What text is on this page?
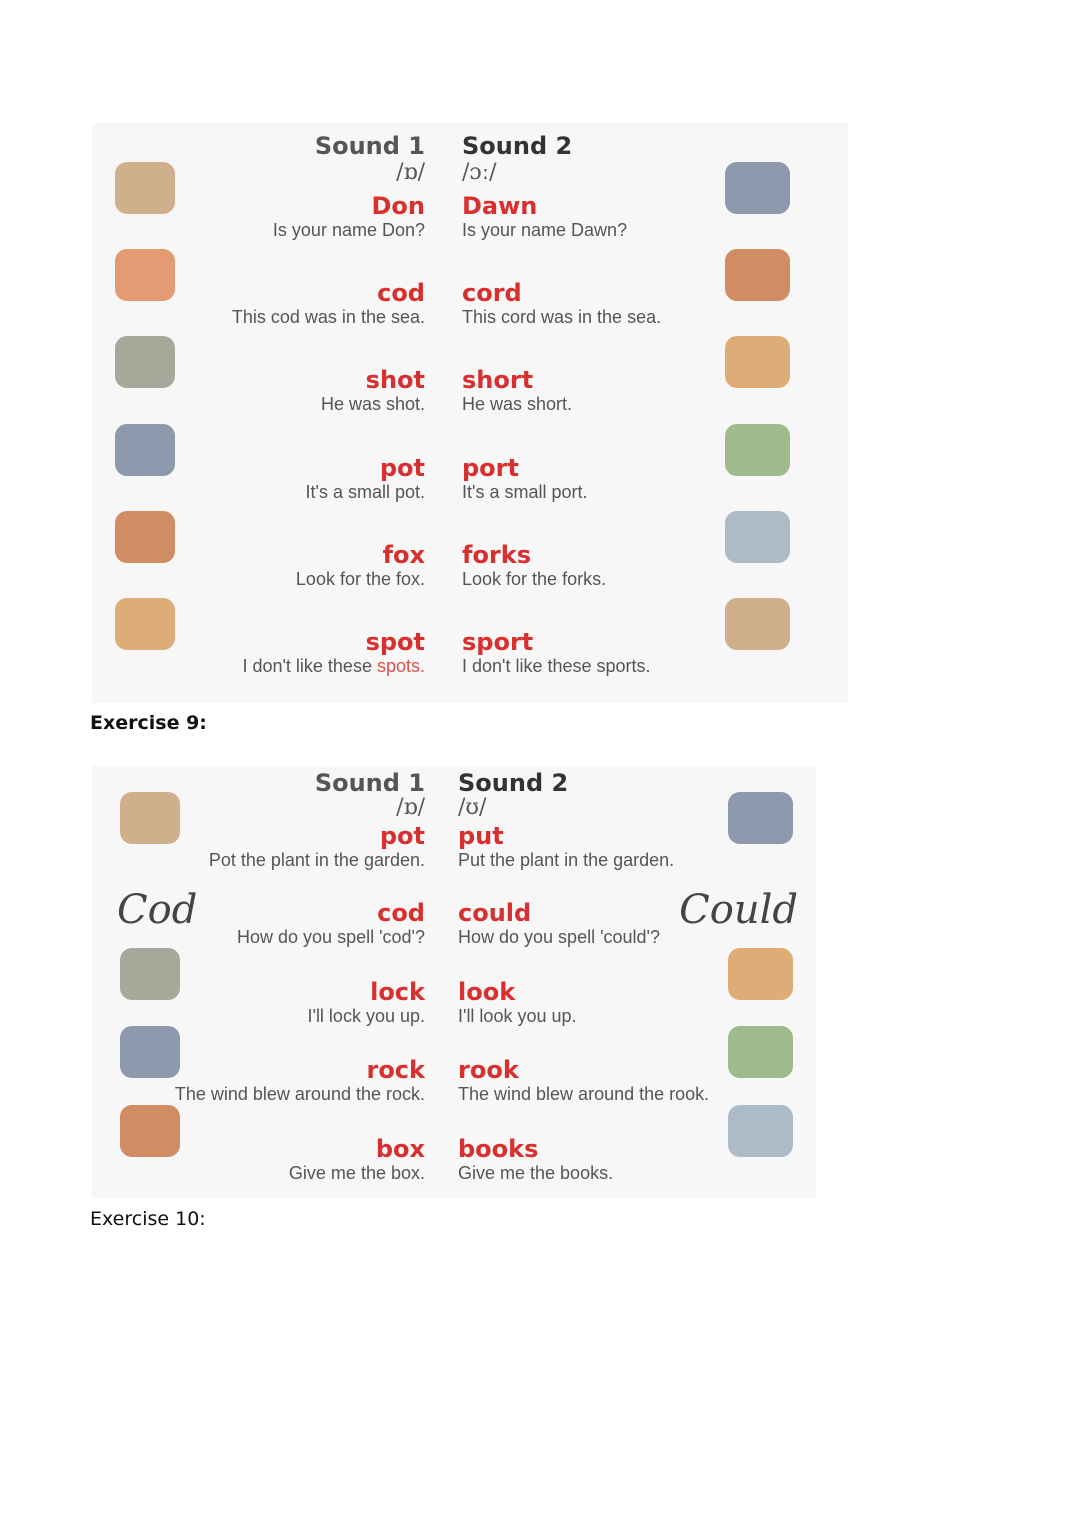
Sound 1 Sound 2
/ɒ/ /ɔː/
Don Dawn
Is your name Don? Is your name Dawn?
cod cord
This cod was in the sea. This cord was in the sea.
shot short
He was shot. He was short.
pot port
It's a small pot. It's a small port.
fox forks
Look for the fox. Look for the forks.
spot sport
I don't like these spots. I don't like these sports.
Exercise 9:
Sound 1 Sound 2
/ɒ/ /ʊ/
pot put
Pot the plant in the garden. Put the plant in the garden.
cod could
How do you spell 'cod'? How do you spell 'could'?
Cod	Could
lock look
I'll lock you up. I'll look you up.
rock rook
The wind blew around the rock. The wind blew around the rook.
box books
Give me the box. Give me the books.
Exercise 10:
